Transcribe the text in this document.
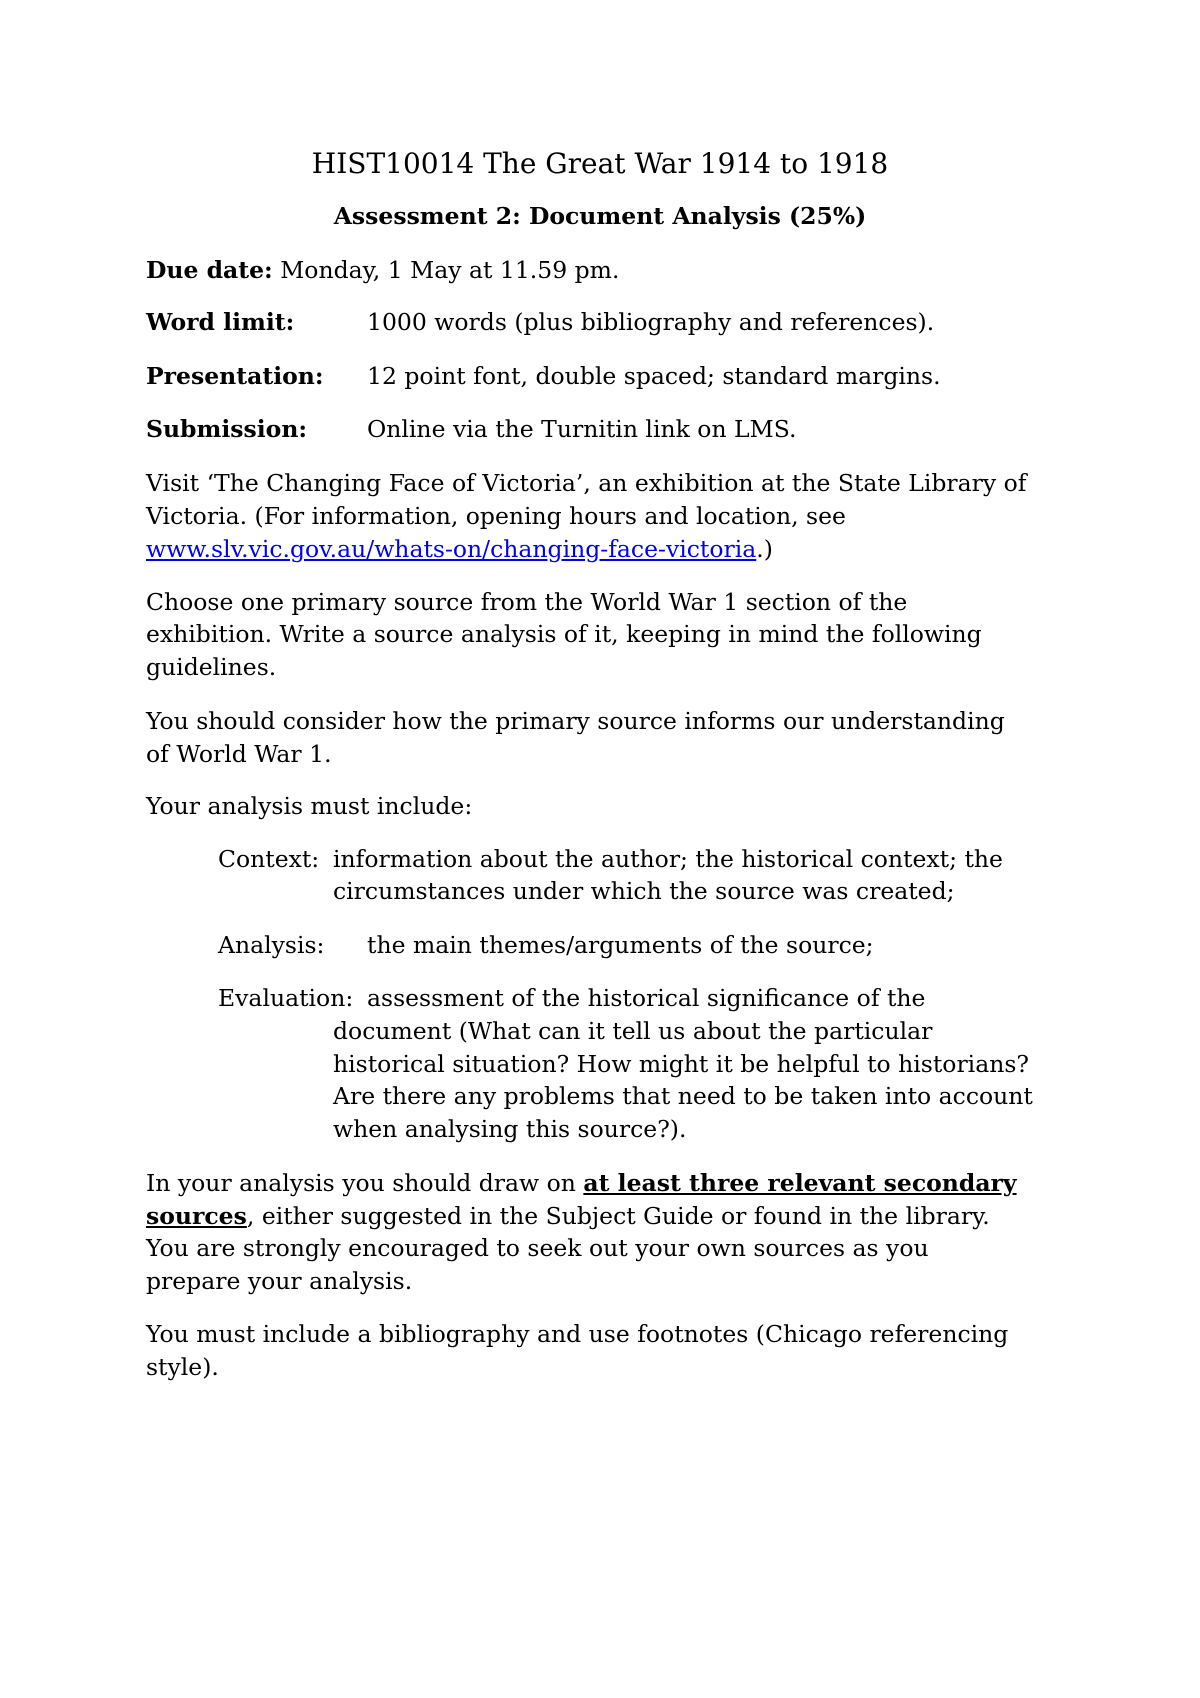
HIST10014 The Great War 1914 to 1918

Assessment 2: Document Analysis (25%)

Due date: Monday, 1 May at 11.59 pm.

Word limit:	1000 words (plus bibliography and references).

Presentation: 12 point font, double spaced; standard margins.

Submission:	Online via the Turnitin link on LMS.

Visit ‘The Changing Face of Victoria’, an exhibition at the State Library of

Victoria. (For information, opening hours and location, see

www.slv.vic.gov.au/whats-on/changing-face-victoria.)

Choose one primary source from the World War 1 section of the

exhibition. Write a source analysis of it, keeping in mind the following

guidelines.

You should consider how the primary source informs our understanding

of World War 1.

Your analysis must include:

Context: information about the author; the historical context; the

circumstances under which the source was created;

Analysis: the main themes/arguments of the source;

Evaluation: assessment of the historical significance of the

document (What can it tell us about the particular

historical situation? How might it be helpful to historians?

Are there any problems that need to be taken into account

when analysing this source?).

In your analysis you should draw on at least three relevant secondary

sources, either suggested in the Subject Guide or found in the library.

You are strongly encouraged to seek out your own sources as you

prepare your analysis.

You must include a bibliography and use footnotes (Chicago referencing

style).
